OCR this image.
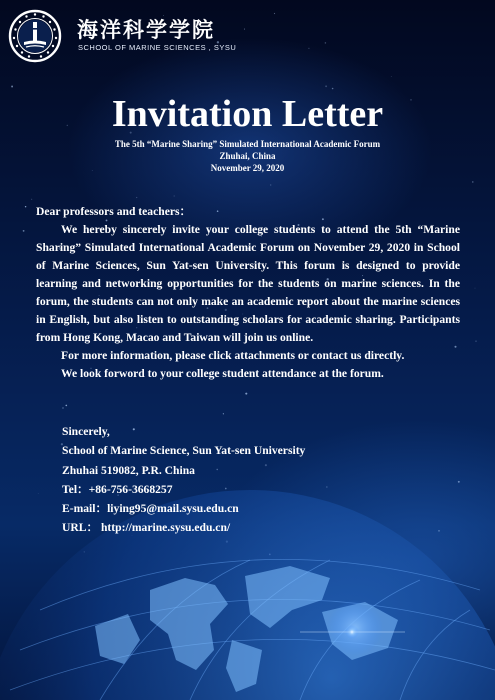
海洋科学学院
SCHOOL OF MARINE SCIENCES , SYSU
Invitation Letter
The 5th “Marine Sharing” Simulated International Academic Forum
Zhuhai, China
November 29, 2020

Dear professors and teachers：

We hereby sincerely invite your college students to attend the 5th “Marine Sharing” Simulated International Academic Forum on November 29, 2020 in School of Marine Sciences, Sun Yat-sen University. This forum is designed to provide learning and networking opportunities for the students on marine sciences. In the forum, the students can not only make an academic report about the marine sciences in English, but also listen to outstanding scholars for academic sharing. Participants from Hong Kong, Macao and Taiwan will join us online.

For more information, please click attachments or contact us directly.

We look forword to your college student attendance at the forum.

Sincerely,
School of Marine Science, Sun Yat-sen University
Zhuhai 519082, P.R. China
Tel：+86-756-3668257
E-mail：liying95@mail.sysu.edu.cn
URL： http://marine.sysu.edu.cn/
